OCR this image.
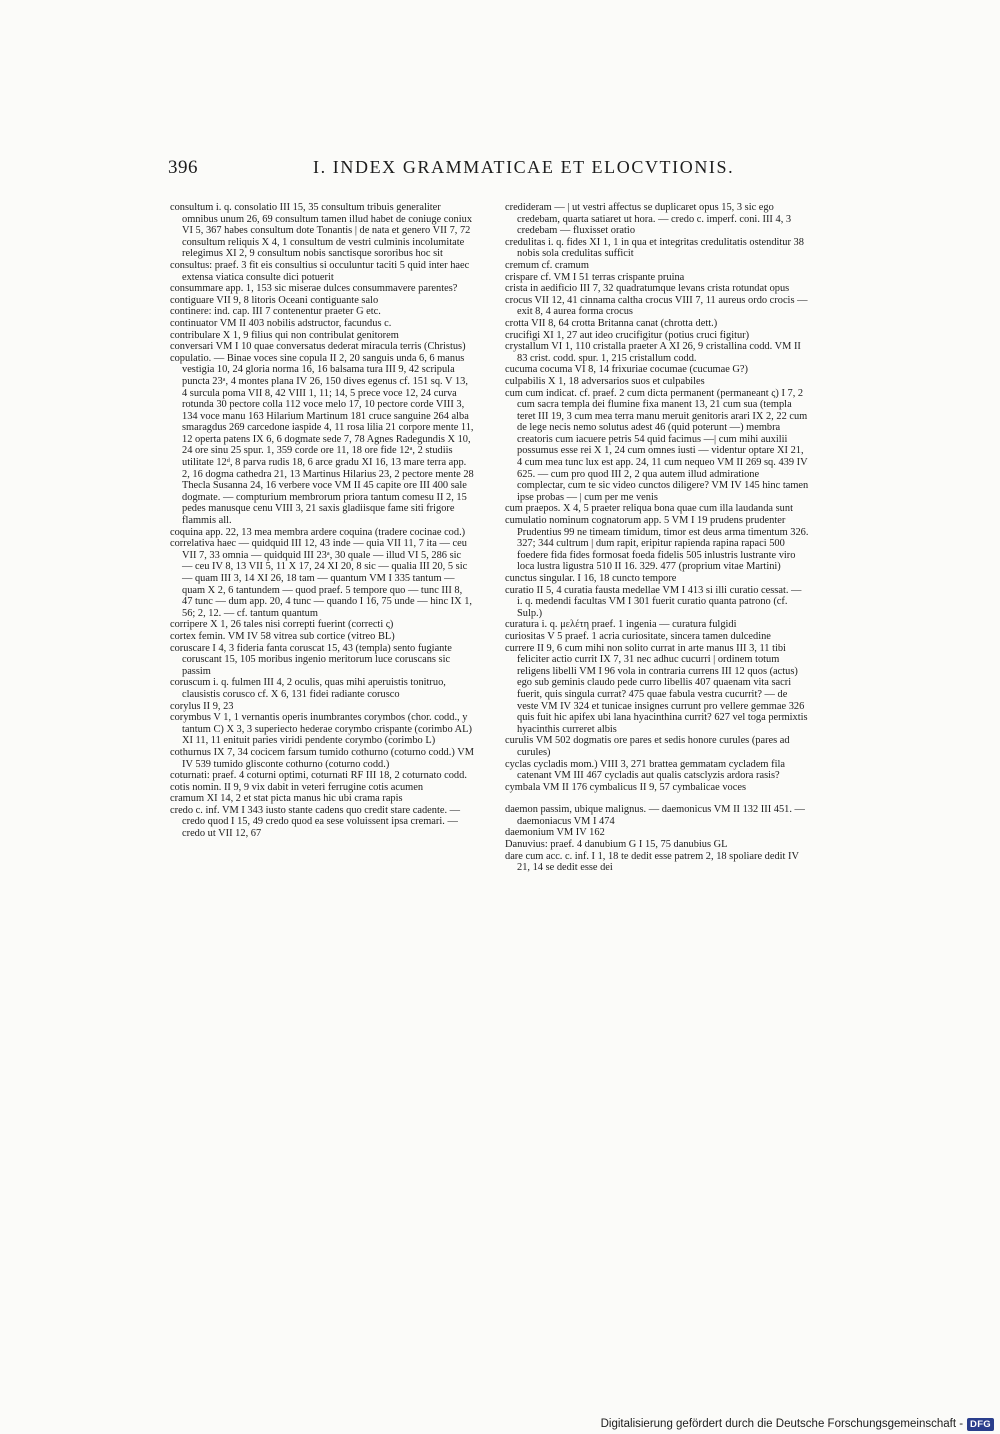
396	I. INDEX GRAMMATICAE ET ELOCVTIONIS.

consultum i. q. consolatio III 15, 35 consultum tribuis generaliter omnibus unum 26, 69 consultum tamen illud habet de coniuge coniux VI 5, 367 habes consultum dote Tonantis | de nata et genero VII 7, 72 consultum reliquis X 4, 1 consultum de vestri culminis incolumitate relegimus XI 2, 9 consultum nobis sanctisque sororibus hoc sit

consultus: praef. 3 fit eis consultius si occuluntur taciti 5 quid inter haec extensa viatica consulte dici potuerit

consummare app. 1, 153 sic miserae dulces consummavere parentes?

contiguare VII 9, 8 litoris Oceani contiguante salo

continere: ind. cap. III 7 contenentur praeter G etc.

continuator VM II 403 nobilis adstructor, facundus c.

contribulare X 1, 9 filius qui non contribulat genitorem

conversari VM I 10 quae conversatus dederat miracula terris (Christus)

copulatio. — Binae voces sine copula II 2, 20 sanguis unda 6, 6 manus vestigia 10, 24 gloria norma 16, 16 balsama tura III 9, 42 scripula puncta 23ᵃ, 4 montes plana IV 26, 150 dives egenus cf. 151 sq. V 13, 4 surcula poma VII 8, 42 VIII 1, 11; 14, 5 prece voce 12, 24 curva rotunda 30 pectore colla 112 voce melo 17, 10 pectore corde VIII 3, 134 voce manu 163 Hilarium Martinum 181 cruce sanguine 264 alba smaragdus 269 carcedone iaspide 4, 11 rosa lilia 21 corpore mente 11, 12 operta patens IX 6, 6 dogmate sede 7, 78 Agnes Radegundis X 10, 24 ore sinu 25 spur. 1, 359 corde ore 11, 18 ore fide 12ᵃ, 2 studiis utilitate 12ᵈ, 8 parva rudis 18, 6 arce gradu XI 16, 13 mare terra app. 2, 16 dogma cathedra 21, 13 Martinus Hilarius 23, 2 pectore mente 28 Thecla Susanna 24, 16 verbere voce VM II 45 capite ore III 400 sale dogmate. — compturium membrorum priora tantum comesu II 2, 15 pedes manusque cenu VIII 3, 21 saxis gladiisque fame siti frigore flammis all.

coquina app. 22, 13 mea membra ardere coquina (tradere cocinae cod.)

correlativa haec — quidquid III 12, 43 inde — quia VII 11, 7 ita — ceu VII 7, 33 omnia — quidquid III 23ᵃ, 30 quale — illud VI 5, 286 sic — ceu IV 8, 13 VII 5, 11 X 17, 24 XI 20, 8 sic — qualia III 20, 5 sic — quam III 3, 14 XI 26, 18 tam — quantum VM I 335 tantum — quam X 2, 6 tantundem — quod praef. 5 tempore quo — tunc III 8, 47 tunc — dum app. 20, 4 tunc — quando I 16, 75 unde — hinc IX 1, 56; 2, 12. — cf. tantum quantum

corripere X 1, 26 tales nisi correpti fuerint (correcti ς)

cortex femin. VM IV 58 vitrea sub cortice (vitreo BL)

coruscare I 4, 3 fideria fanta coruscat 15, 43 (templa) sento fugiante coruscant 15, 105 moribus ingenio meritorum luce coruscans sic passim

coruscum i. q. fulmen III 4, 2 oculis, quas mihi aperuistis tonitruo, clausistis corusco cf. X 6, 131 fidei radiante corusco

corylus II 9, 23

corymbus V 1, 1 vernantis operis inumbrantes corymbos (chor. codd., y tantum C) X 3, 3 superiecto hederae corymbo crispante (corimbo AL) XI 11, 11 enituit paries viridi pendente corymbo (corimbo L)

cothurnus IX 7, 34 cocicem farsum tumido cothurno (coturno codd.) VM IV 539 tumido glisconte cothurno (coturno codd.)

coturnati: praef. 4 coturni optimi, coturnati RF III 18, 2 coturnato codd.

cotis nomin. II 9, 9 vix dabit in veteri ferrugine cotis acumen

cramum XI 14, 2 et stat picta manus hic ubi crama rapis

credo c. inf. VM I 343 iusto stante cadens quo credit stare cadente. — credo quod I 15, 49 credo quod ea sese voluissent ipsa cremari. — credo ut VII 12, 67

credideram — | ut vestri affectus se duplicaret opus 15, 3 sic ego credebam, quarta satiaret ut hora. — credo c. imperf. coni. III 4, 3 credebam — fluxisset oratio

credulitas i. q. fides XI 1, 1 in qua et integritas credulitatis ostenditur 38 nobis sola credulitas sufficit

cremum cf. cramum

crispare cf. VM I 51 terras crispante pruina

crista in aedificio III 7, 32 quadratumque levans crista rotundat opus

crocus VII 12, 41 cinnama caltha crocus VIII 7, 11 aureus ordo crocis — exit 8, 4 aurea forma crocus

crotta VII 8, 64 crotta Britanna canat (chrotta dett.)

crucifigi XI 1, 27 aut ideo crucifigitur (potius cruci figitur)

crystallum VI 1, 110 cristalla praeter A XI 26, 9 cristallina codd. VM II 83 crist. codd. spur. 1, 215 cristallum codd.

cucuma cocuma VI 8, 14 frixuriae cocumae (cucumae G?)

culpabilis X 1, 18 adversarios suos et culpabiles

cum cum indicat. cf. praef. 2 cum dicta permanent (permaneant ς) I 7, 2 cum sacra templa dei flumine fixa manent 13, 21 cum sua (templa teret III 19, 3 cum mea terra manu meruit genitoris arari IX 2, 22 cum de lege necis nemo solutus adest 46 (quid poterunt —) membra creatoris cum iacuere petris 54 quid facimus —| cum mihi auxilii possumus esse rei X 1, 24 cum omnes iusti — videntur optare XI 21, 4 cum mea tunc lux est app. 24, 11 cum nequeo VM II 269 sq. 439 IV 625. — cum pro quod III 2, 2 qua autem illud admiratione complectar, cum te sic video cunctos diligere? VM IV 145 hinc tamen ipse probas — | cum per me venis

cum praepos. X 4, 5 praeter reliqua bona quae cum illa laudanda sunt

cumulatio nominum cognatorum app. 5 VM I 19 prudens prudenter Prudentius 99 ne timeam timidum, timor est deus arma timentum 326. 327; 344 cultrum | dum rapit, eripitur rapienda rapina rapaci 500 foedere fida fides formosat foeda fidelis 505 inlustris lustrante viro loca lustra ligustra 510 II 16. 329. 477 (proprium vitae Martini)

cunctus singular. I 16, 18 cuncto tempore

curatio II 5, 4 curatia fausta medellae VM I 413 si illi curatio cessat. — i. q. medendi facultas VM I 301 fuerit curatio quanta patrono (cf. Sulp.)

curatura i. q. μελέτη praef. 1 ingenia — curatura fulgidi

curiositas V 5 praef. 1 acria curiositate, sincera tamen dulcedine

currere II 9, 6 cum mihi non solito currat in arte manus III 3, 11 tibi feliciter actio currit IX 7, 31 nec adhuc cucurri | ordinem totum religens libelli VM I 96 vola in contraria currens III 12 quos (actus) ego sub geminis claudo pede curro libellis 407 quaenam vita sacri fuerit, quis singula currat? 475 quae fabula vestra cucurrit? — de veste VM IV 324 et tunicae insignes currunt pro vellere gemmae 326 quis fuit hic apifex ubi lana hyacinthina currit? 627 vel toga permixtis hyacinthis curreret albis

curulis VM 502 dogmatis ore pares et sedis honore curules (pares ad curules)

cyclas cycladis mom.) VIII 3, 271 brattea gemmatam cycladem fila catenant VM III 467 cycladis aut qualis catsclyzis ardora rasis?

cymbala VM II 176 cymbalicus II 9, 57 cymbalicae voces

daemon passim, ubique malignus. — daemonicus VM II 132 III 451. — daemoniacus VM I 474

daemonium VM IV 162

Danuvius: praef. 4 danubium G I 15, 75 danubius GL

dare cum acc. c. inf. I 1, 18 te dedit esse patrem 2, 18 spoliare dedit IV 21, 14 se dedit esse dei

Digitalisierung gefördert durch die Deutsche Forschungsgemeinschaft - DFG
